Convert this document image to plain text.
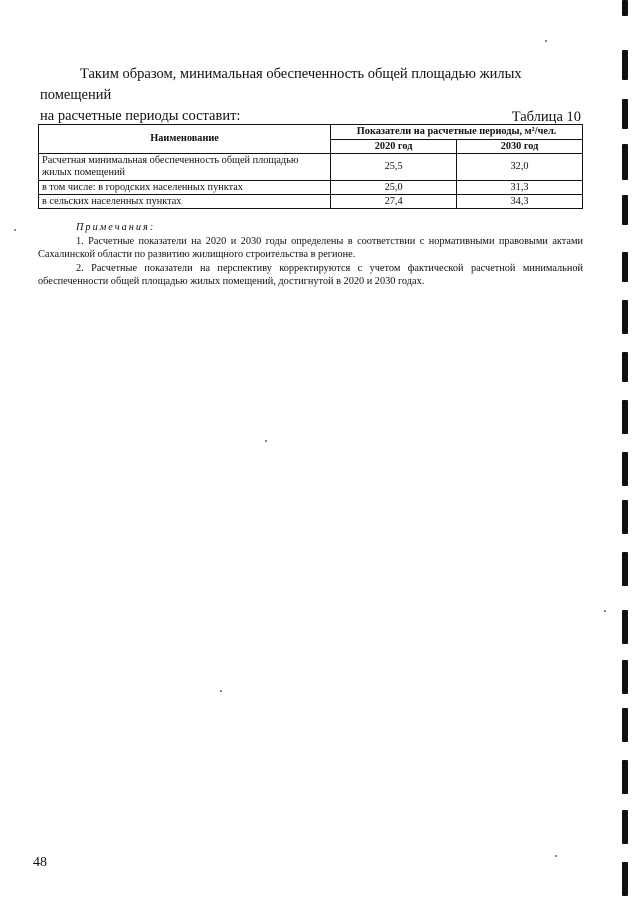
Таким образом, минимальная обеспеченность общей площадью жилых помещений
на расчетные периоды составит:	Таблица 10
Наименование	Показатели на расчетные периоды, м²/чел.	
	2020 год	2030 год
Расчетная минимальная обеспеченность общей площадью жилых помещений	25,5	32,0
в том числе: в городских населенных пунктах	25,0	31,3
в сельских населенных пунктах	27,4	34,3
Примечания:

1. Расчетные показатели на 2020 и 2030 годы определены в соответствии с нормативными правовыми актами Сахалинской области по развитию жилищного строительства в регионе.

2. Расчетные показатели на перспективу корректируются с учетом фактической расчетной минимальной обеспеченности общей площадью жилых помещений, достигнутой в 2020 и 2030 годах.

48
